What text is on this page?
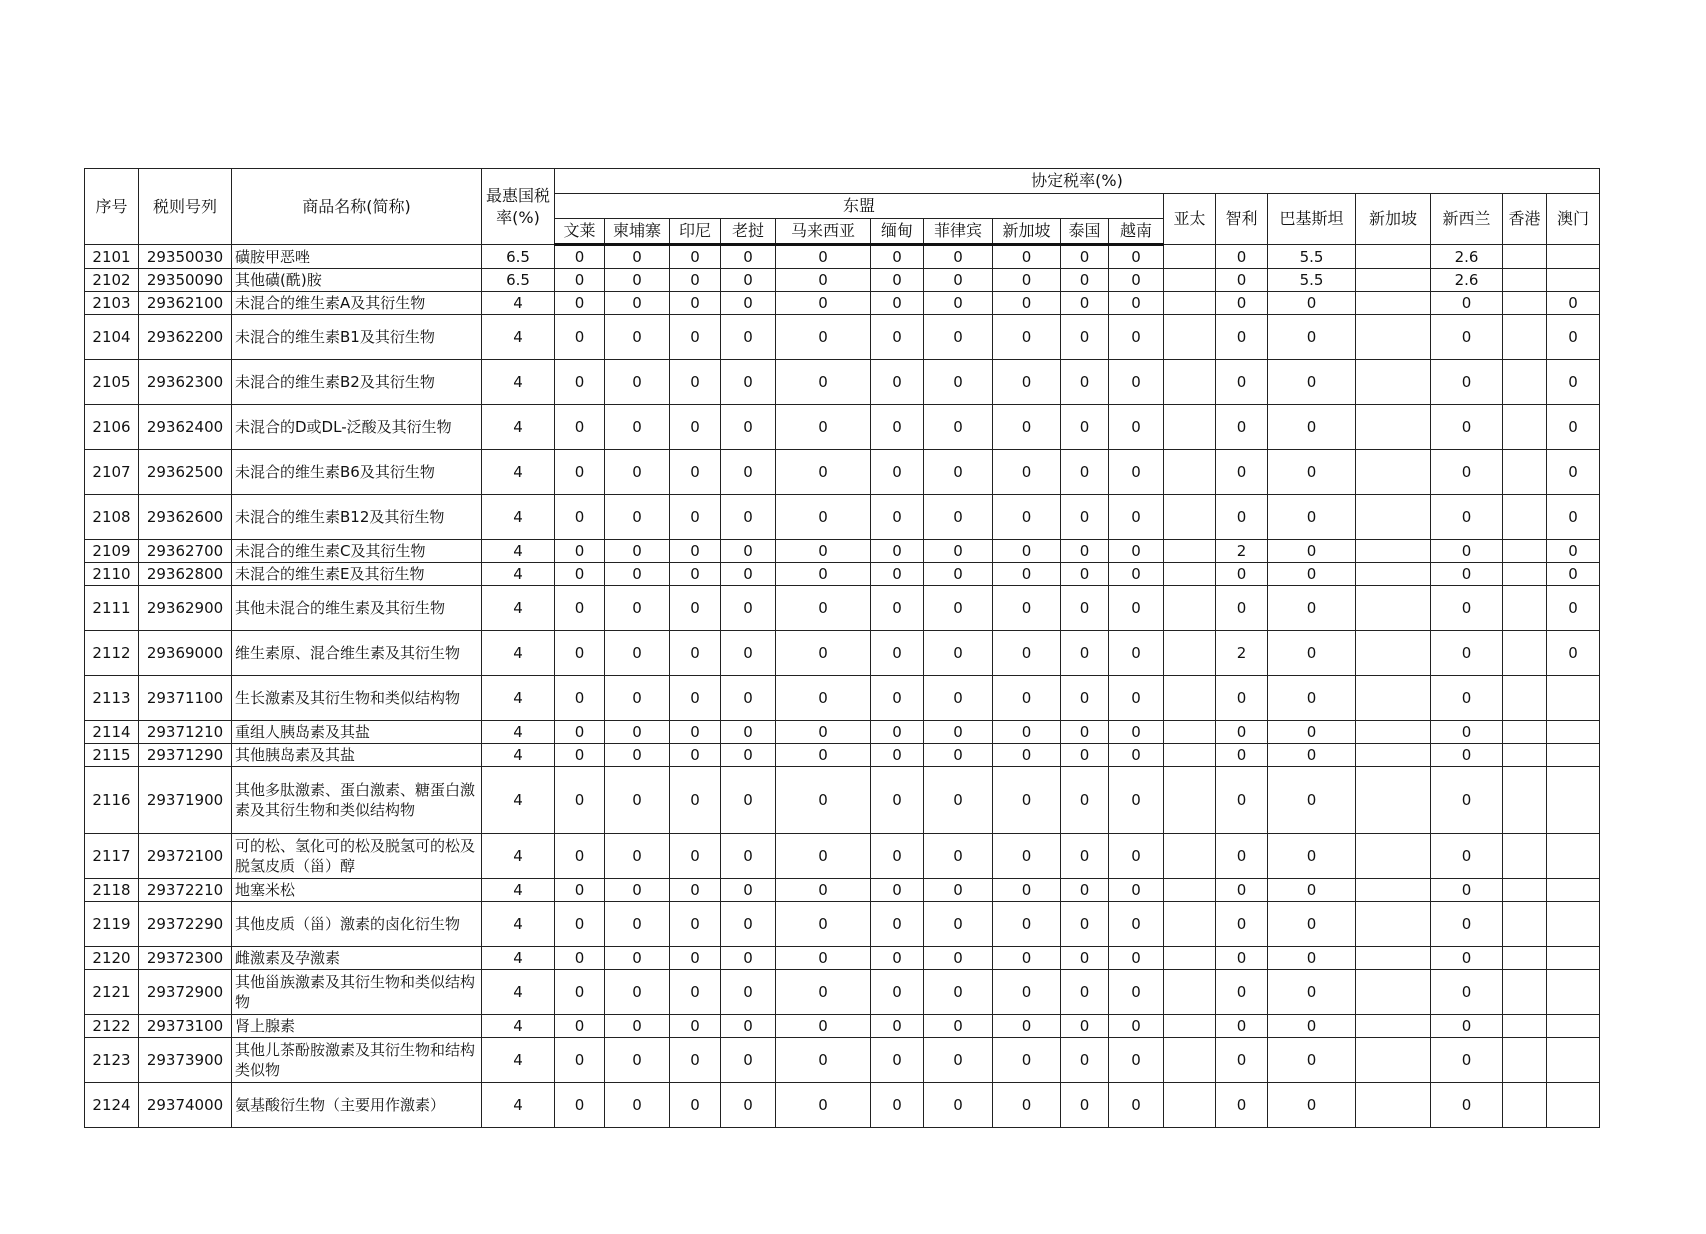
序号	税则号列	商品名称(简称)	最惠国税率(%)	协定税率(%)																
				东盟										亚太	智利	巴基斯坦	新加坡	新西兰	香港	澳门
				文莱	柬埔寨	印尼	老挝	马来西亚	缅甸	菲律宾	新加坡	泰国	越南							
2101	29350030	磺胺甲恶唑	6.5	0	0	0	0	0	0	0	0	0	0		0	5.5		2.6		
2102	29350090	其他磺(酰)胺	6.5	0	0	0	0	0	0	0	0	0	0		0	5.5		2.6		
2103	29362100	未混合的维生素A及其衍生物	4	0	0	0	0	0	0	0	0	0	0		0	0		0		0
2104	29362200	未混合的维生素B1及其衍生物	4	0	0	0	0	0	0	0	0	0	0		0	0		0		0
2105	29362300	未混合的维生素B2及其衍生物	4	0	0	0	0	0	0	0	0	0	0		0	0		0		0
2106	29362400	未混合的D或DL-泛酸及其衍生物	4	0	0	0	0	0	0	0	0	0	0		0	0		0		0
2107	29362500	未混合的维生素B6及其衍生物	4	0	0	0	0	0	0	0	0	0	0		0	0		0		0
2108	29362600	未混合的维生素B12及其衍生物	4	0	0	0	0	0	0	0	0	0	0		0	0		0		0
2109	29362700	未混合的维生素C及其衍生物	4	0	0	0	0	0	0	0	0	0	0		2	0		0		0
2110	29362800	未混合的维生素E及其衍生物	4	0	0	0	0	0	0	0	0	0	0		0	0		0		0
2111	29362900	其他未混合的维生素及其衍生物	4	0	0	0	0	0	0	0	0	0	0		0	0		0		0
2112	29369000	维生素原、混合维生素及其衍生物	4	0	0	0	0	0	0	0	0	0	0		2	0		0		0
2113	29371100	生长激素及其衍生物和类似结构物	4	0	0	0	0	0	0	0	0	0	0		0	0		0		
2114	29371210	重组人胰岛素及其盐	4	0	0	0	0	0	0	0	0	0	0		0	0		0		
2115	29371290	其他胰岛素及其盐	4	0	0	0	0	0	0	0	0	0	0		0	0		0		
2116	29371900	其他多肽激素、蛋白激素、糖蛋白激素及其衍生物和类似结构物	4	0	0	0	0	0	0	0	0	0	0		0	0		0		
2117	29372100	可的松、氢化可的松及脱氢可的松及脱氢皮质（甾）醇	4	0	0	0	0	0	0	0	0	0	0		0	0		0		
2118	29372210	地塞米松	4	0	0	0	0	0	0	0	0	0	0		0	0		0		
2119	29372290	其他皮质（甾）激素的卤化衍生物	4	0	0	0	0	0	0	0	0	0	0		0	0		0		
2120	29372300	雌激素及孕激素	4	0	0	0	0	0	0	0	0	0	0		0	0		0		
2121	29372900	其他甾族激素及其衍生物和类似结构物	4	0	0	0	0	0	0	0	0	0	0		0	0		0		
2122	29373100	肾上腺素	4	0	0	0	0	0	0	0	0	0	0		0	0		0		
2123	29373900	其他儿茶酚胺激素及其衍生物和结构类似物	4	0	0	0	0	0	0	0	0	0	0		0	0		0		
2124	29374000	氨基酸衍生物（主要用作激素）	4	0	0	0	0	0	0	0	0	0	0		0	0		0		
